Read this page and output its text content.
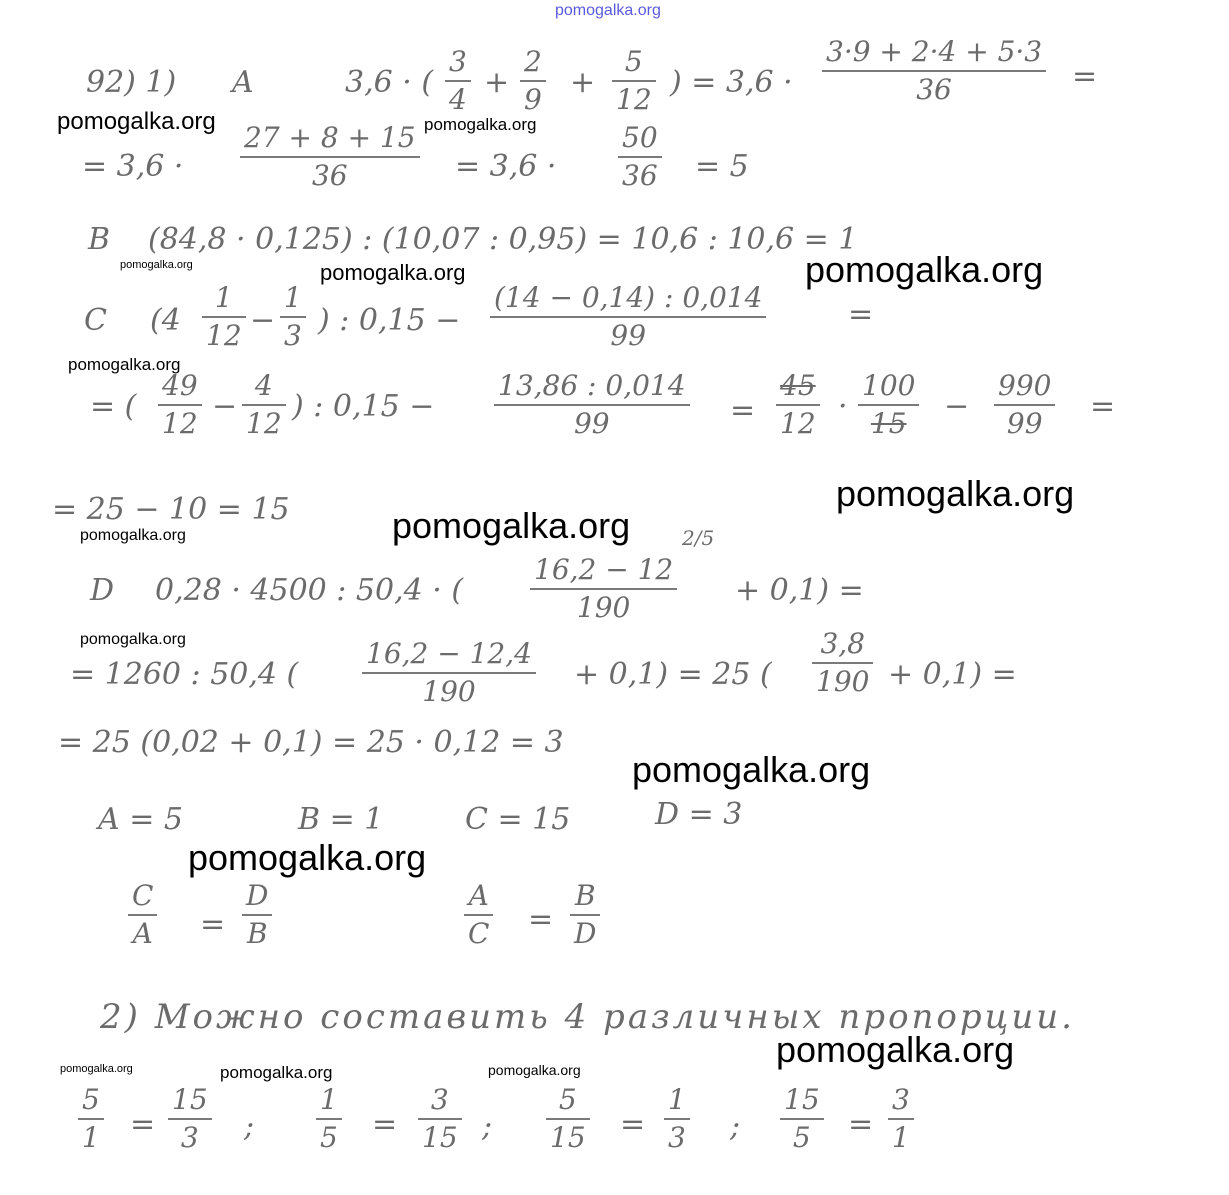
pomogalka.org
92) 1) A	3,6 · (
3
4 +
2
9 +
5
12 ) = 3,6 ·
3·9 + 2·4 + 5·3
36	=
= 3,6 ·
27 + 8 + 15
36	= 3,6 ·
50
36 = 5
B (84,8 · 0,125) : (10,07 : 0,95) = 10,6 : 10,6 = 1
C (4
1
12 −
1
3 ) : 0,15 −
(14 − 0,14) : 0,014
99
=
= (
49
12 −
4
12 ) : 0,15 −
13,86 : 0,014
99	=
45
12 ·
100
15	−
990
99	=
= 25 − 10 = 15
D 0,28 · 4500 : 50,4 · (
16,2 − 12
190
2/5
+ 0,1) =
= 1260 : 50,4 (
16,2 − 12,4
190	+ 0,1) = 25 (
3,8
190 + 0,1) =
= 25 (0,02 + 0,1) = 25 · 0,12 = 3
A = 5	B = 1	C = 15	D = 3
C
A =
D
B
A
C =
B
D
2) Можно составить 4 различных пропорции.
5
1 =
15
3	;
1
5 =
3
15 ;
5
15 =
1
3 ;
15
5	=
3
1
pomogalka.org	pomogalka.org
pomogalka.org	pomogalka.org	pomogalka.org
pomogalka.org
pomogalka.org
pomogalka.org
pomogalka.org
pomogalka.org
pomogalka.org
pomogalka.org
pomogalka.org
pomogalka.org	pomogalka.org	pomogalka.org
